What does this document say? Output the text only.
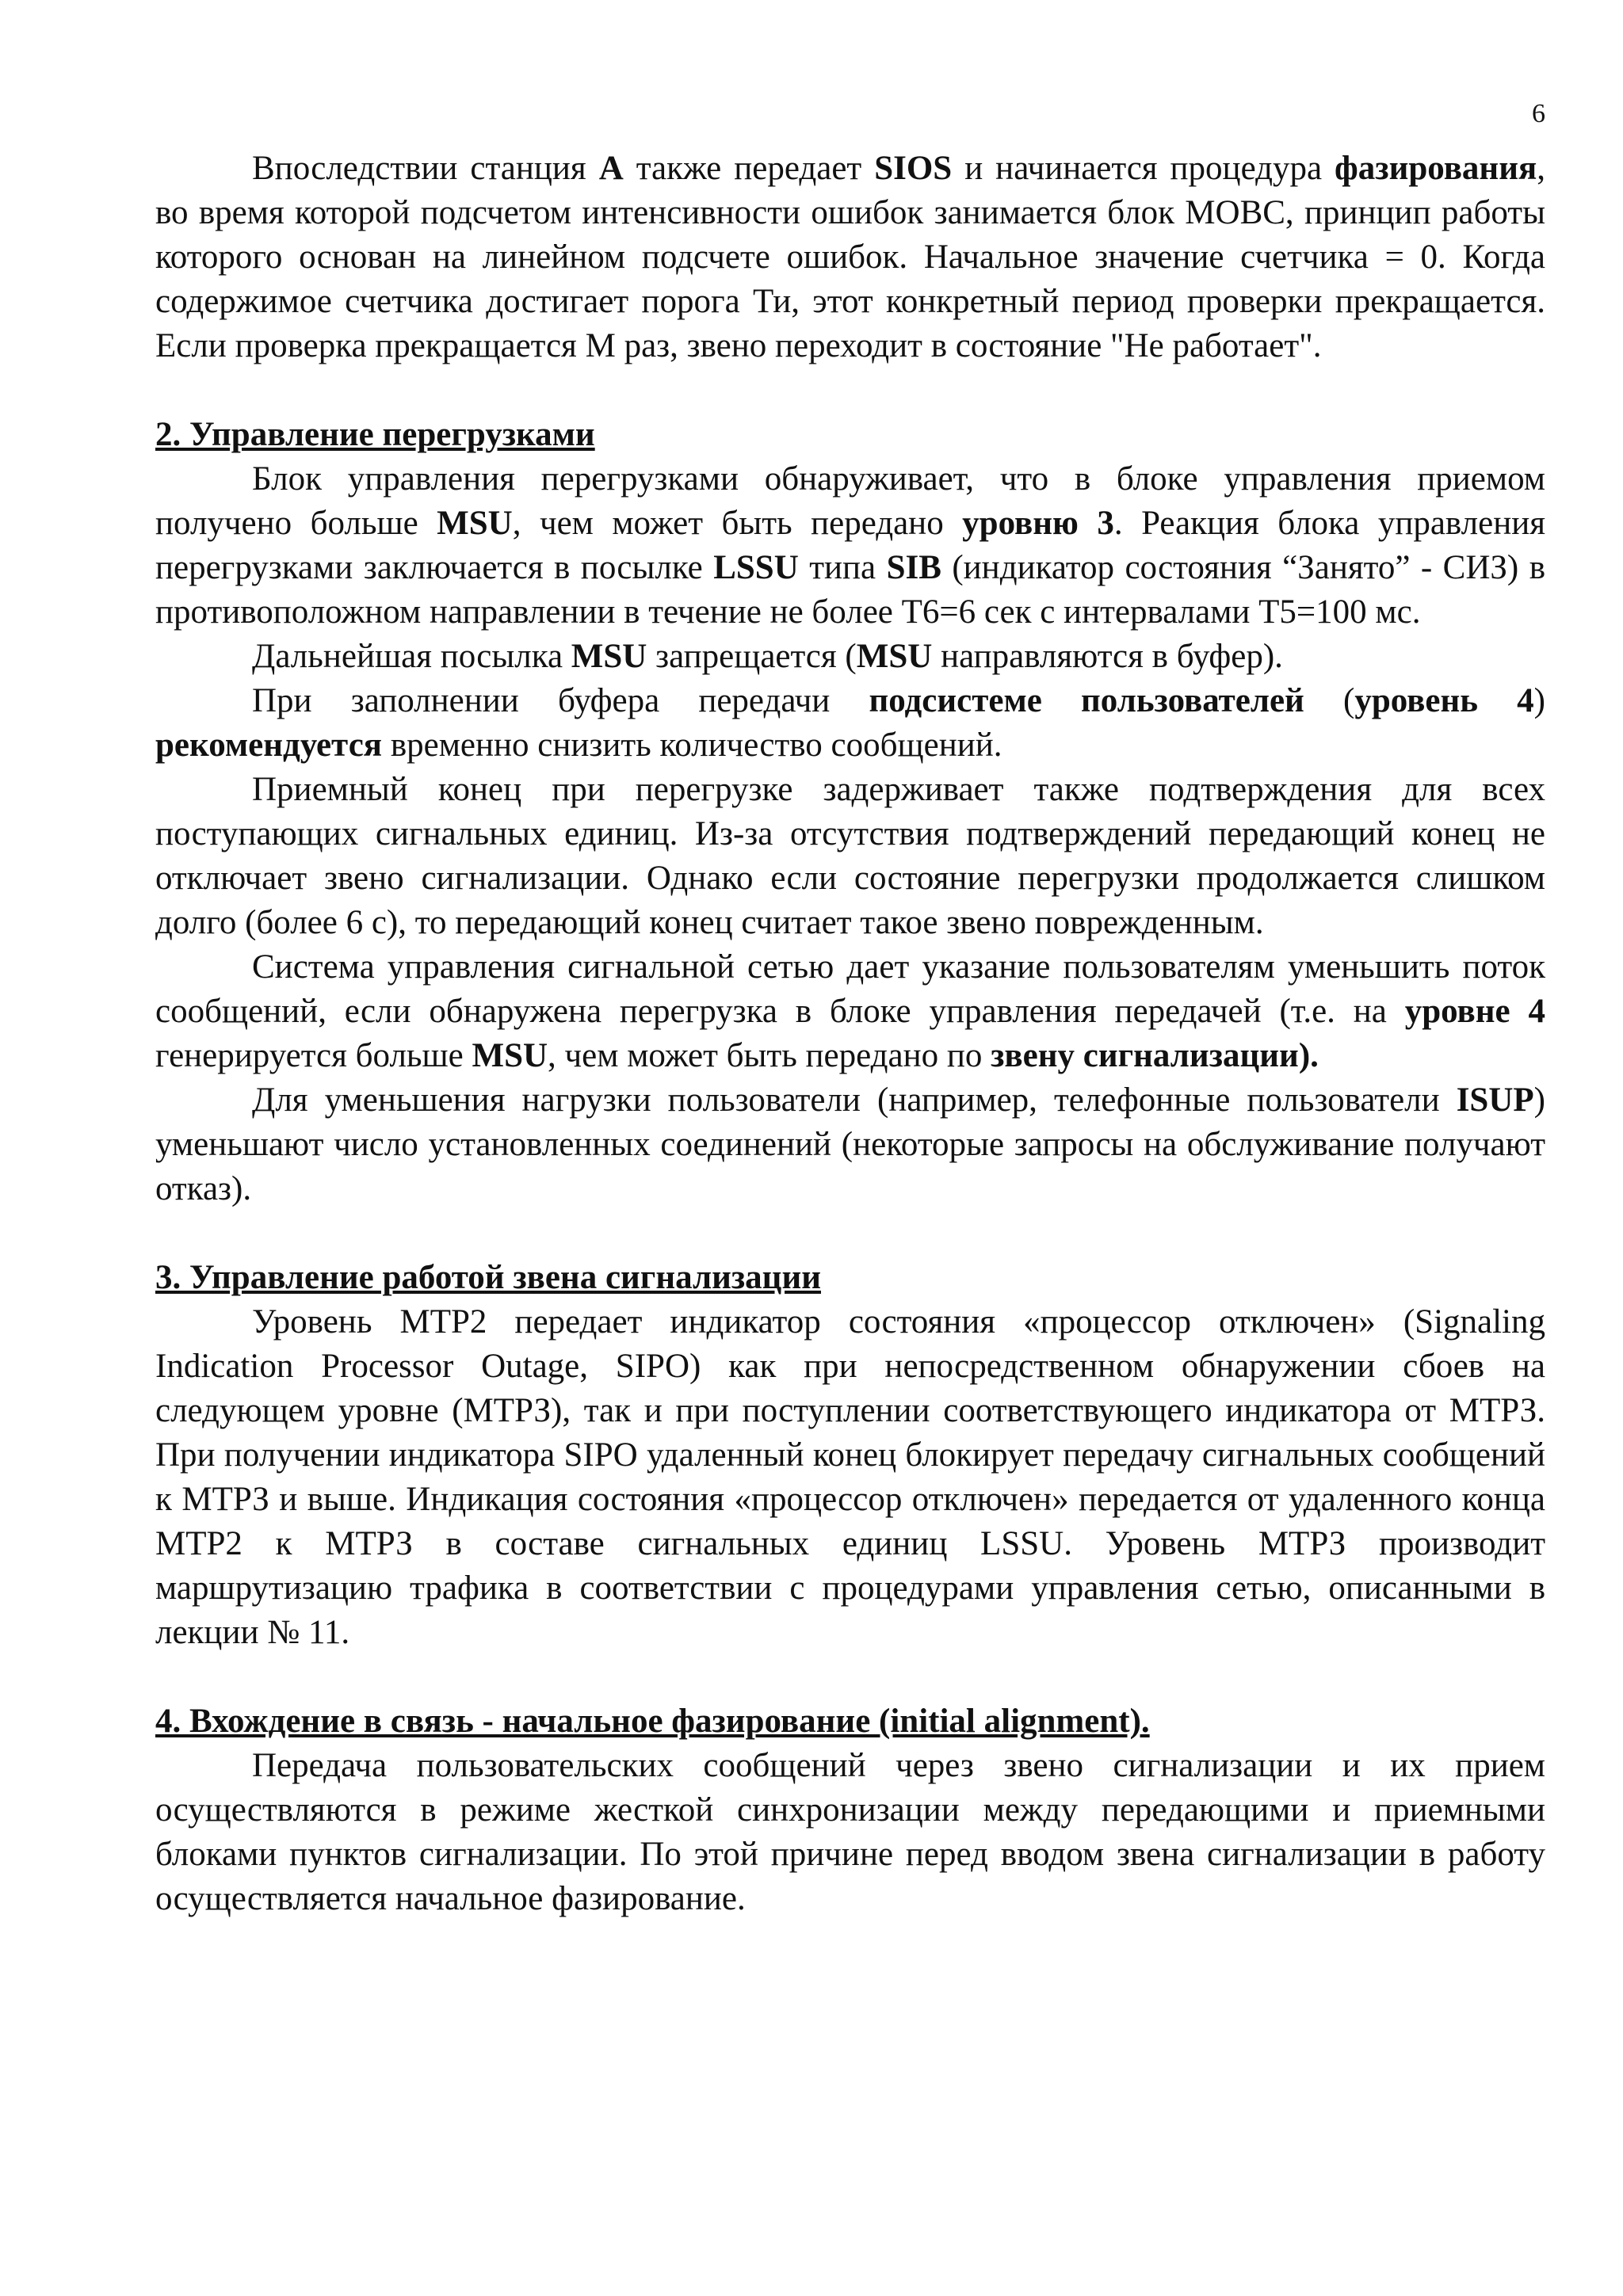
6

Впоследствии станция A также передает SIOS и начинается процедура фазирования, во время которой подсчетом интенсивности ошибок занимается блок МОВС, принцип работы которого основан на линейном подсчете ошибок. Начальное значение счетчика = 0. Когда содержимое счетчика достигает порога Ти, этот конкретный период проверки прекращается. Если проверка прекращается М раз, звено переходит в состояние "Не работает".

2. Управление перегрузками

Блок управления перегрузками обнаруживает, что в блоке управления приемом получено больше MSU, чем может быть передано уровню 3. Реакция блока управления перегрузками заключается в посылке LSSU типа SIB (индикатор состояния “Занято” - СИЗ) в противоположном направлении в течение не более Т6=6 сек с интервалами Т5=100 мс.

Дальнейшая посылка MSU запрещается (MSU направляются в буфер).

При заполнении буфера передачи подсистеме пользователей (уровень 4) рекомендуется временно снизить количество сообщений.

Приемный конец при перегрузке задерживает также подтверждения для всех поступающих сигнальных единиц. Из-за отсутствия подтверждений передающий конец не отключает звено сигнализации. Однако если состояние перегрузки продолжается слишком долго (более 6 с), то передающий конец считает такое звено поврежденным.

Система управления сигнальной сетью дает указание пользователям уменьшить поток сообщений, если обнаружена перегрузка в блоке управления передачей (т.е. на уровне 4 генерируется больше MSU, чем может быть передано по звену сигнализации).

Для уменьшения нагрузки пользователи (например, телефонные пользователи ISUP) уменьшают число установленных соединений (некоторые запросы на обслуживание получают отказ).

3. Управление работой звена сигнализации

Уровень МТР2 передает индикатор состояния «процессор отключен» (Signaling Indication Processor Outage, SIPO) как при непосредственном обнаружении сбоев на следующем уровне (МТРЗ), так и при поступлении соответствующего индикатора от МТРЗ. При получении индикатора SIPO удаленный конец блокирует передачу сигнальных сообщений к МТРЗ и выше. Индикация состояния «процессор отключен» передается от удаленного конца МТР2 к МТРЗ в составе сигнальных единиц LSSU. Уровень МТРЗ производит маршрутизацию трафика в соответствии с процедурами управления сетью, описанными в лекции № 11.

4. Вхождение в связь - начальное фазирование (initial alignment).

Передача пользовательских сообщений через звено сигнализации и их прием осуществляются в режиме жесткой синхронизации между передающими и приемными блоками пунктов сигнализации. По этой причине перед вводом звена сигнализации в работу осуществляется начальное фазирование.
